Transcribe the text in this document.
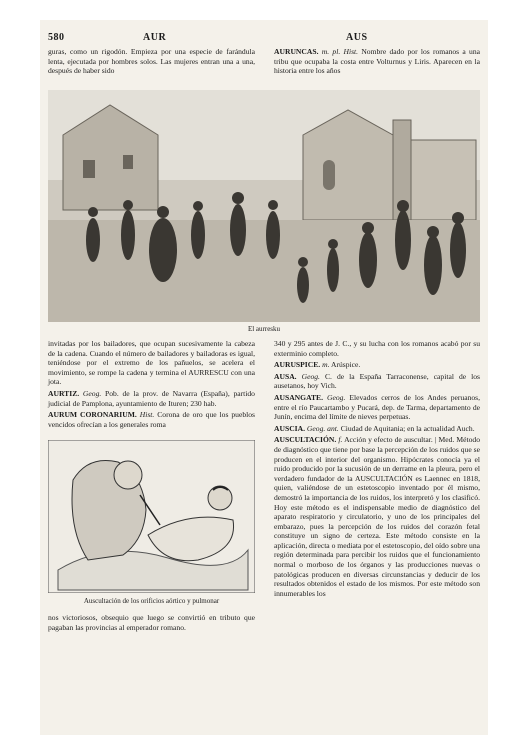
580	AUR	AUS

guras, como un rigodón. Empieza por una especie de farándula lenta, ejecutada por hombres solos. Las mujeres entran una a una, después de haber sido

AURUNCAS. m. pl. Hist. Nombre dado por los romanos a una tribu que ocupaba la costa entre Volturnus y Liris. Aparecen en la historia entre los años

El aurresku

invitadas por los bailadores, que ocupan sucesivamente la cabeza de la cadena. Cuando el número de bailadores y bailadoras es igual, teniéndose por el extremo de los pañuelos, se acelera el movimiento, se rompe la cadena y termina el AURRESCU con una jota.

AURTIZ. Geog. Pob. de la prov. de Navarra (España), partido judicial de Pamplona, ayuntamiento de Ituren; 230 hab.

AURUM CORONARIUM. Hist. Corona de oro que los pueblos vencidos ofrecían a los generales roma

340 y 295 antes de J. C., y su lucha con los romanos acabó por su exterminio completo.

AURUSPICE. m. Arúspice.

AUSA. Geog. C. de la España Tarraconense, capital de los ausetanos, hoy Vich.

AUSANGATE. Geog. Elevados cerros de los Andes peruanos, entre el río Paucartambo y Pucará, dep. de Tarma, departamento de Junín, encima del límite de nieves perpetuas.

AUSCIA. Geog. ant. Ciudad de Aquitania; en la actualidad Auch.

AUSCULTACIÓN. f. Acción y efecto de auscultar. | Med. Método de diagnóstico que tiene por base la percepción de los ruidos que se producen en el interior del organismo. Hipócrates conocía ya el ruido producido por la sucusión de un derrame en la pleura, pero el verdadero fundador de la AUSCULTACIÓN es Laennec en 1818, quien, valiéndose de un estetoscopio inventado por él mismo, demostró la importancia de los ruidos, los interpretó y los clasificó. Hoy este método es el indispensable medio de diagnóstico del aparato respiratorio y circulatorio, y uno de los principales del embarazo, pues la percepción de los ruidos del corazón fetal constituye un signo de certeza. Este método consiste en la aplicación, directa o mediata por el estetoscopio, del oído sobre una región determinada para percibir los ruidos que el funcionamiento normal o morboso de los órganos y las producciones nuevas o patológicas producen en diversas circunstancias y deducir de los resultados obtenidos el estado de los mismos. Por este método son innumerables los

Auscultación de los orificios aórtico y pulmonar

nos victoriosos, obsequio que luego se convirtió en tributo que pagaban las provincias al emperador romano.
